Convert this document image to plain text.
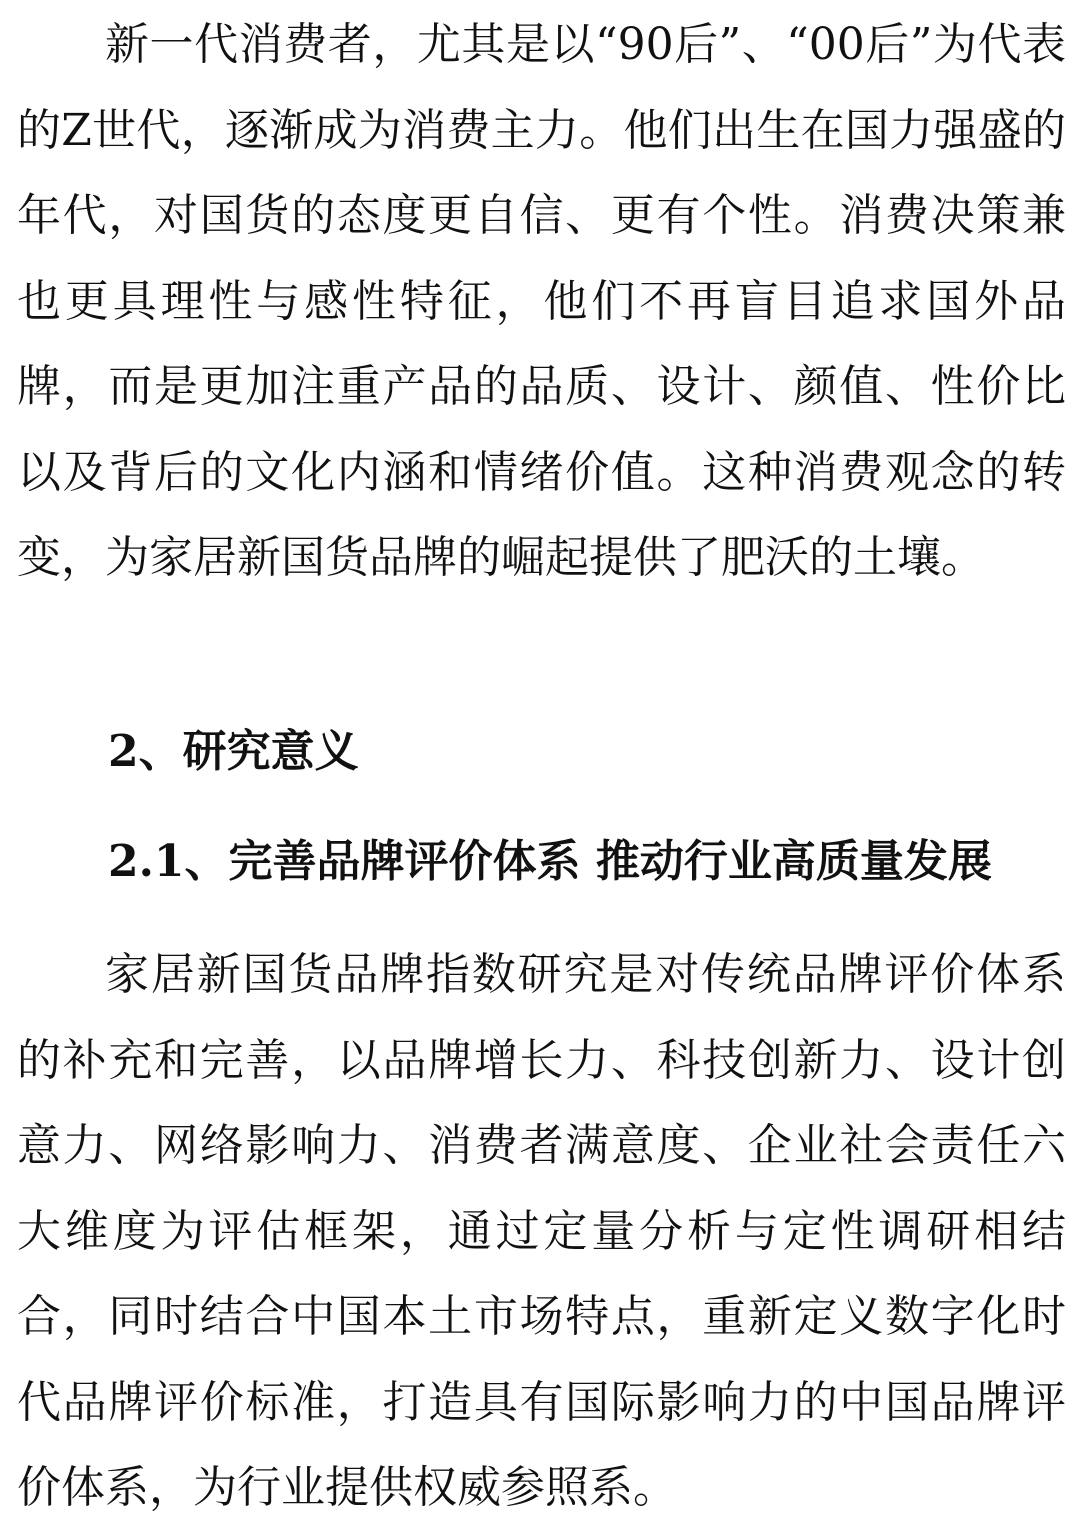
新一代消费者，尤其是以“90后”、“00后”为代表的Z世代，逐渐成为消费主力。他们出生在国力强盛的年代，对国货的态度更自信、更有个性。消费决策兼也更具理性与感性特征，他们不再盲目追求国外品牌，而是更加注重产品的品质、设计、颜值、性价比以及背后的文化内涵和情绪价值。这种消费观念的转变，为家居新国货品牌的崛起提供了肥沃的土壤。

2、研究意义
2.1、完善品牌评价体系 推动行业高质量发展

家居新国货品牌指数研究是对传统品牌评价体系的补充和完善，以品牌增长力、科技创新力、设计创意力、网络影响力、消费者满意度、企业社会责任六大维度为评估框架，通过定量分析与定性调研相结合，同时结合中国本土市场特点，重新定义数字化时代品牌评价标准，打造具有国际影响力的中国品牌评价体系，为行业提供权威参照系。
